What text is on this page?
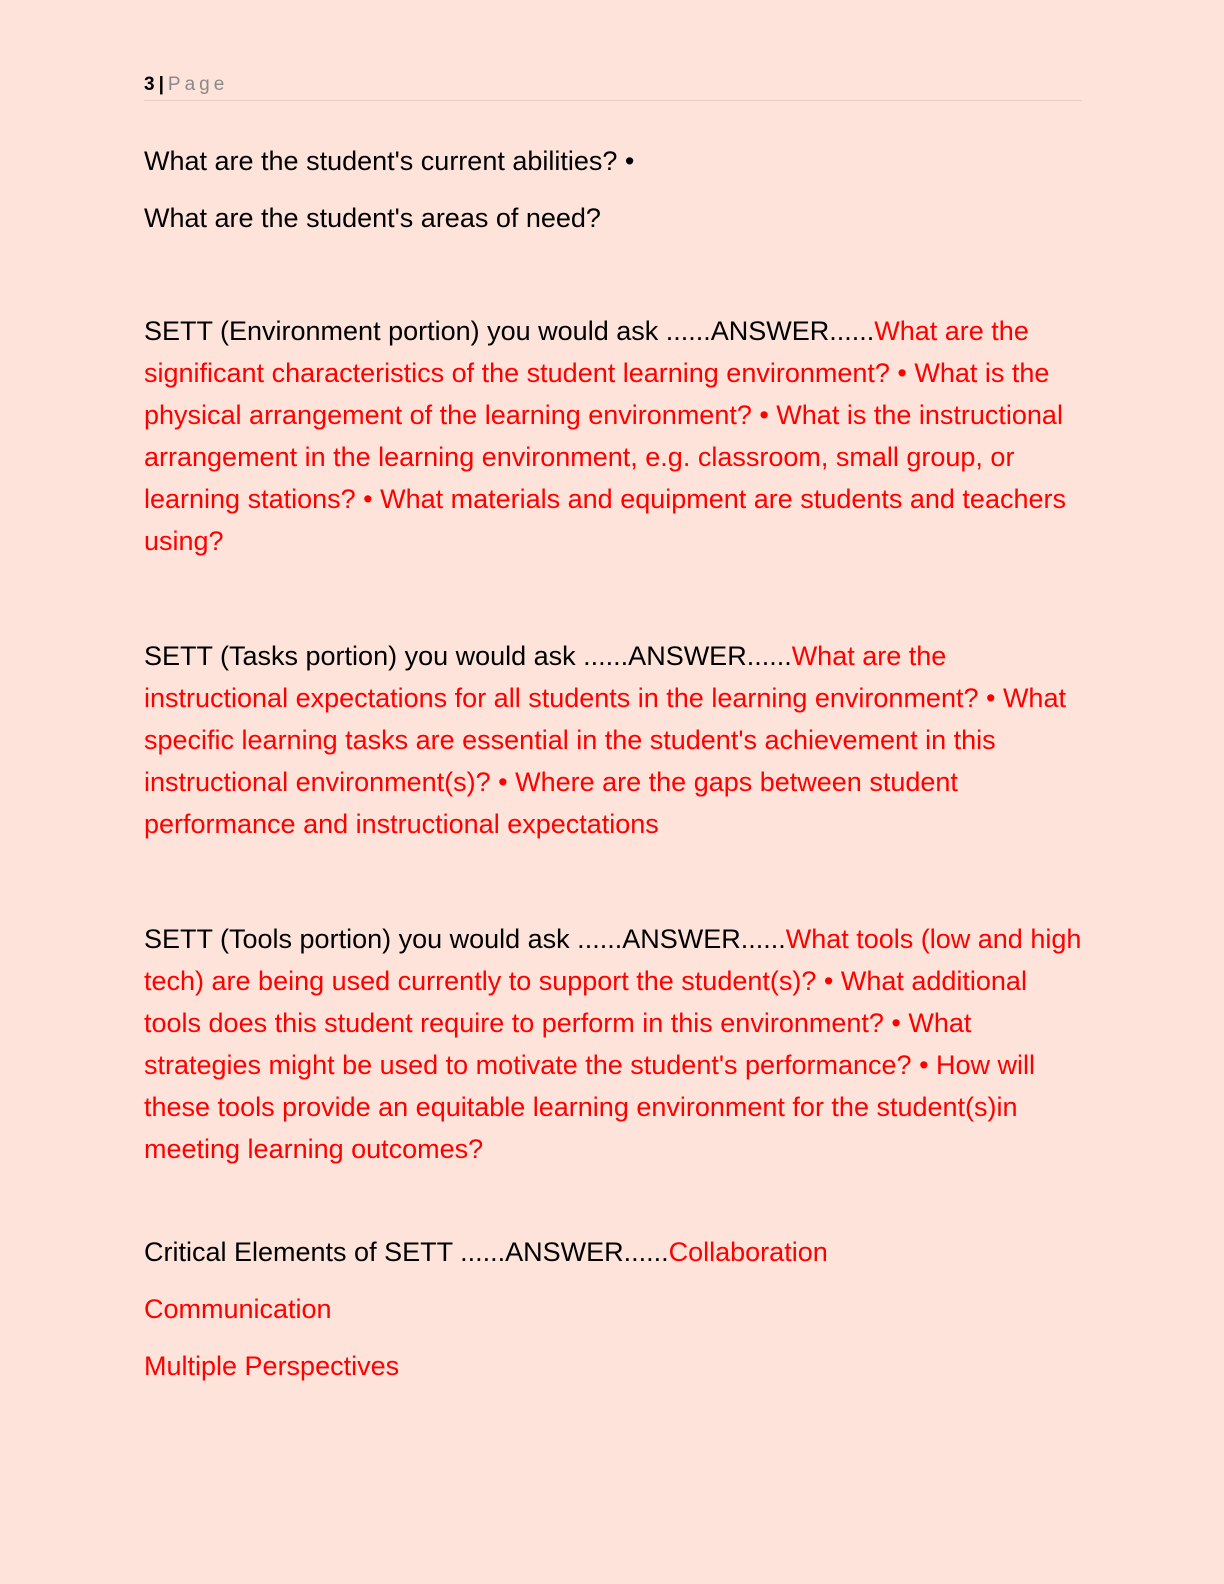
3 | Page

What are the student's current abilities? •

What are the student's areas of need?

SETT (Environment portion) you would ask ......ANSWER......What are the significant characteristics of the student learning environment? • What is the physical arrangement of the learning environment? • What is the instructional arrangement in the learning environment, e.g. classroom, small group, or learning stations? • What materials and equipment are students and teachers using?

SETT (Tasks portion) you would ask ......ANSWER......What are the instructional expectations for all students in the learning environment? • What specific learning tasks are essential in the student's achievement in this instructional environment(s)? • Where are the gaps between student performance and instructional expectations

SETT (Tools portion) you would ask ......ANSWER......What tools (low and high tech) are being used currently to support the student(s)? • What additional tools does this student require to perform in this environment? • What strategies might be used to motivate the student's performance? • How will these tools provide an equitable learning environment for the student(s)in meeting learning outcomes?

Critical Elements of SETT ......ANSWER......Collaboration

Communication

Multiple Perspectives
